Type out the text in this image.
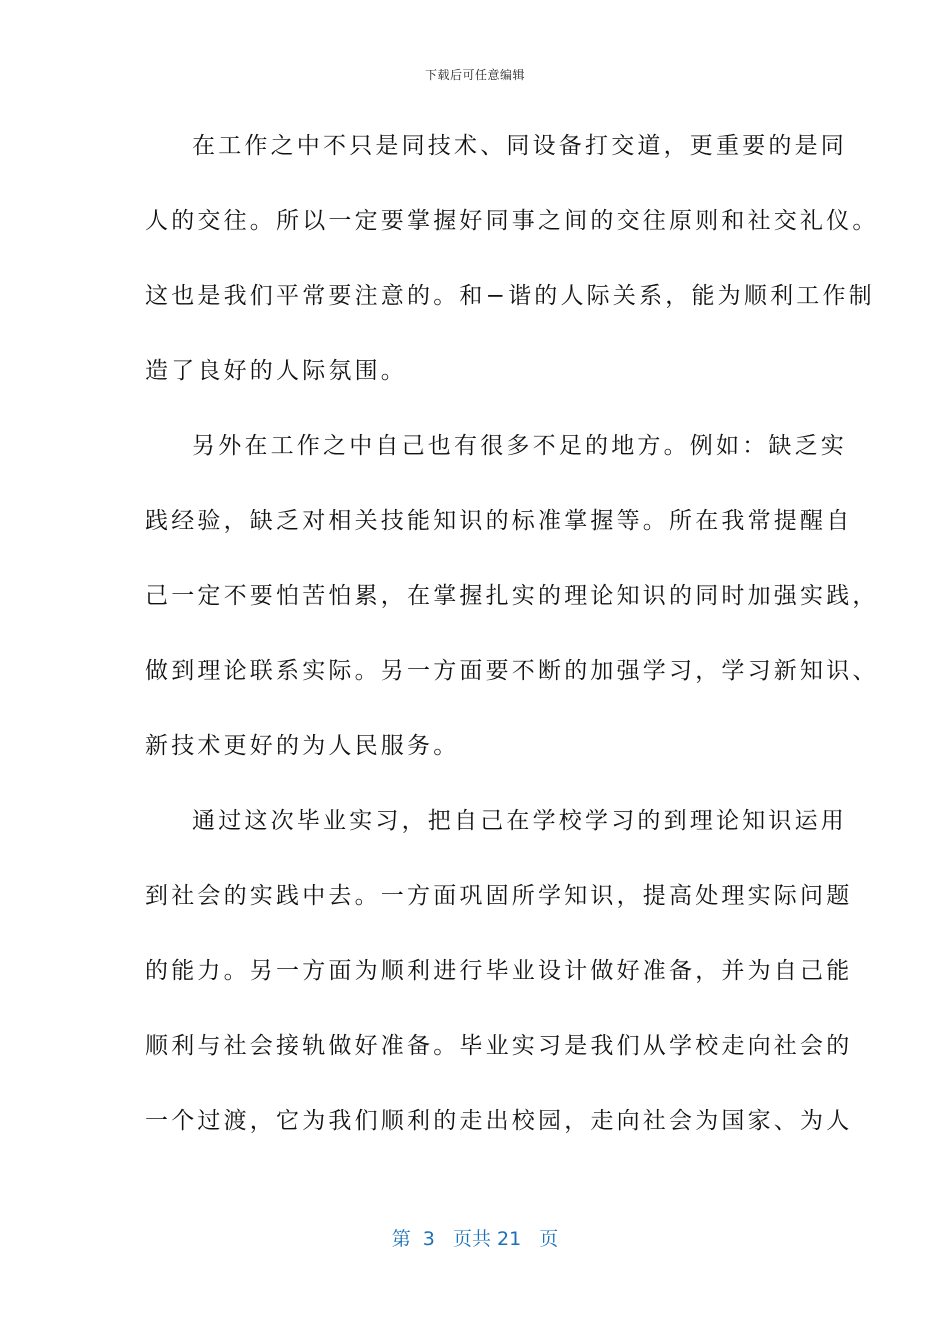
下载后可任意编辑
在工作之中不只是同技术、同设备打交道，更重要的是同
人的交往。所以一定要掌握好同事之间的交往原则和社交礼仪。
这也是我们平常要注意的。和−谐的人际关系，能为顺利工作制
造了良好的人际氛围。
另外在工作之中自己也有很多不足的地方。例如：缺乏实
践经验，缺乏对相关技能知识的标准掌握等。所在我常提醒自
己一定不要怕苦怕累，在掌握扎实的理论知识的同时加强实践，
做到理论联系实际。另一方面要不断的加强学习，学习新知识、
新技术更好的为人民服务。
通过这次毕业实习，把自己在学校学习的到理论知识运用
到社会的实践中去。一方面巩固所学知识，提高处理实际问题
的能力。另一方面为顺利进行毕业设计做好准备，并为自己能
顺利与社会接轨做好准备。毕业实习是我们从学校走向社会的
一个过渡，它为我们顺利的走出校园，走向社会为国家、为人
第  3   页共 21   页
